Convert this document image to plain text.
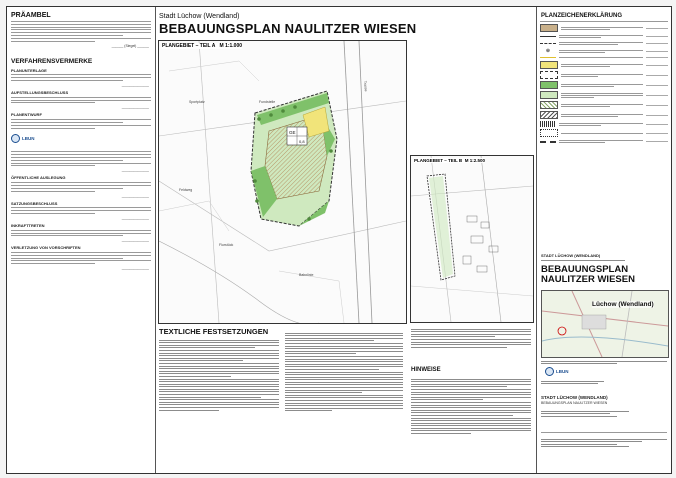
PRÄAMBEL
______ (Siegel) ______
VERFAHRENSVERMERKE
PLANUNTERLAGE
______________
AUFSTELLUNGSBESCHLUSS
______________
PLANENTWURF
LBUN
______________
ÖFFENTLICHE AUSLEGUNG
______________
SATZUNGSBESCHLUSS
______________
INKRAFTTRETEN
______________
VERLETZUNG VON VORSCHRIFTEN
______________
Stadt Lüchow (Wendland)
BEBAUUNGSPLAN NAULITZER WIESEN
PLANGEBIET – TEIL A M 1:1.000
GE
0,8
Sportplatz	Fundstelle
Trasse
Feldweg
Flurstück
Bahnlinie
PLANGEBIET – TEIL B M 1:2.500
TEXTLICHE FESTSETZUNGEN
HINWEISE
PLANZEICHENERKLÄRUNG
⊕
STADT LÜCHOW (WENDLAND)
BEBAUUNGSPLAN NAULITZER WIESEN
Lüchow (Wendland)
LBUN
STADT LÜCHOW (WENDLAND)
BEBAUUNGSPLAN NAULITZER WIESEN
